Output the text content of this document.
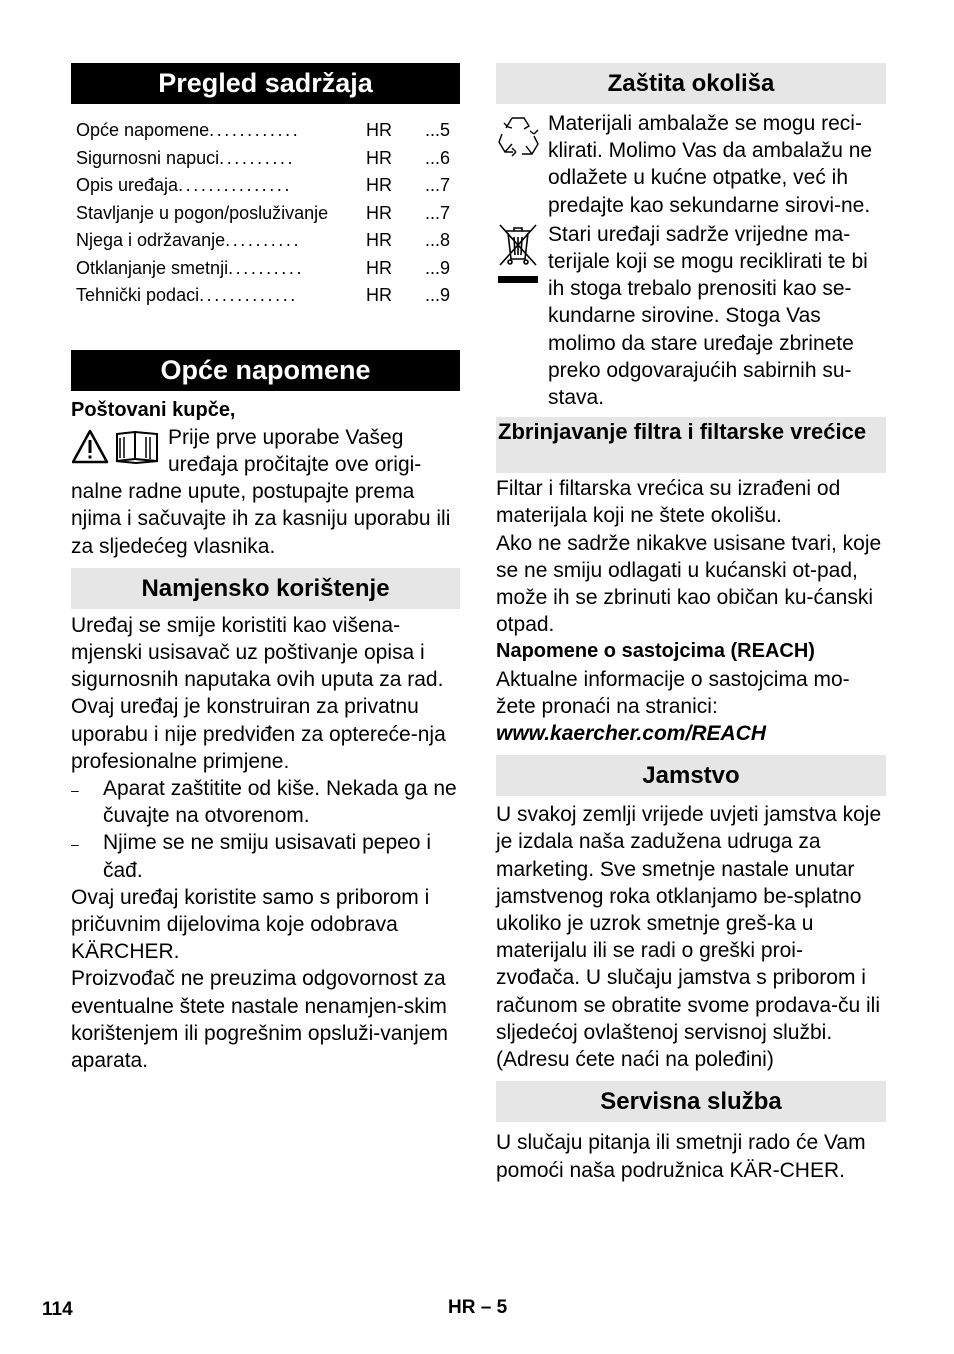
Pregled sadržaja
Opće napomene............	HR	...5
Sigurnosni napuci..........	HR	...6
Opis uređaja...............	HR	...7
Stavljanje u pogon/posluživanje	HR	...7
Njega i održavanje..........	HR	...8
Otklanjanje smetnji..........	HR	...9
Tehnički podaci.............	HR	...9
Opće napomene

Poštovani kupče,

Prije prve uporabe Vašeg

uređaja pročitajte ove origi-

nalne radne upute, postupajte prema njima i sačuvajte ih za kasniju uporabu ili za sljedećeg vlasnika.

Namjensko korištenje

Uređaj se smije koristiti kao višena-mjenski usisavač uz poštivanje opisa i sigurnosnih naputaka ovih uputa za rad.

Ovaj uređaj je konstruiran za privatnu uporabu i nije predviđen za optereće-nja profesionalne primjene.

–	Aparat zaštitite od kiše. Nekada ga ne čuvajte na otvorenom.
–	Njime se ne smiju usisavati pepeo i čađ.

Ovaj uređaj koristite samo s priborom i pričuvnim dijelovima koje odobrava KÄRCHER.

Proizvođač ne preuzima odgovornost za eventualne štete nastale nenamjen-skim korištenjem ili pogrešnim opsluži-vanjem aparata.

Zaštita okoliša

Materijali ambalaže se mogu reci-klirati. Molimo Vas da ambalažu ne odlažete u kućne otpatke, već ih predajte kao sekundarne sirovi-ne.

Stari uređaji sadrže vrijedne ma-terijale koji se mogu reciklirati te bi ih stoga trebalo prenositi kao se-kundarne sirovine. Stoga Vas molimo da stare uređaje zbrinete preko odgovarajućih sabirnih su-stava.

Zbrinjavanje filtra i filtarske vrećice

Filtar i filtarska vrećica su izrađeni od materijala koji ne štete okolišu.

Ako ne sadrže nikakve usisane tvari, koje se ne smiju odlagati u kućanski ot-pad, može ih se zbrinuti kao običan ku-ćanski otpad.

Napomene o sastojcima (REACH)

Aktualne informacije o sastojcima mo-žete pronaći na stranici:

www.kaercher.com/REACH

Jamstvo

U svakoj zemlji vrijede uvjeti jamstva koje je izdala naša zadužena udruga za marketing. Sve smetnje nastale unutar jamstvenog roka otklanjamo be-splatno ukoliko je uzrok smetnje greš-ka u materijalu ili se radi o greški proi-zvođača. U slučaju jamstva s priborom i računom se obratite svome prodava-ču ili sljedećoj ovlaštenoj servisnoj službi.

(Adresu ćete naći na poleđini)

Servisna služba

U slučaju pitanja ili smetnji rado će Vam pomoći naša podružnica KÄR-CHER.

114	HR – 5
